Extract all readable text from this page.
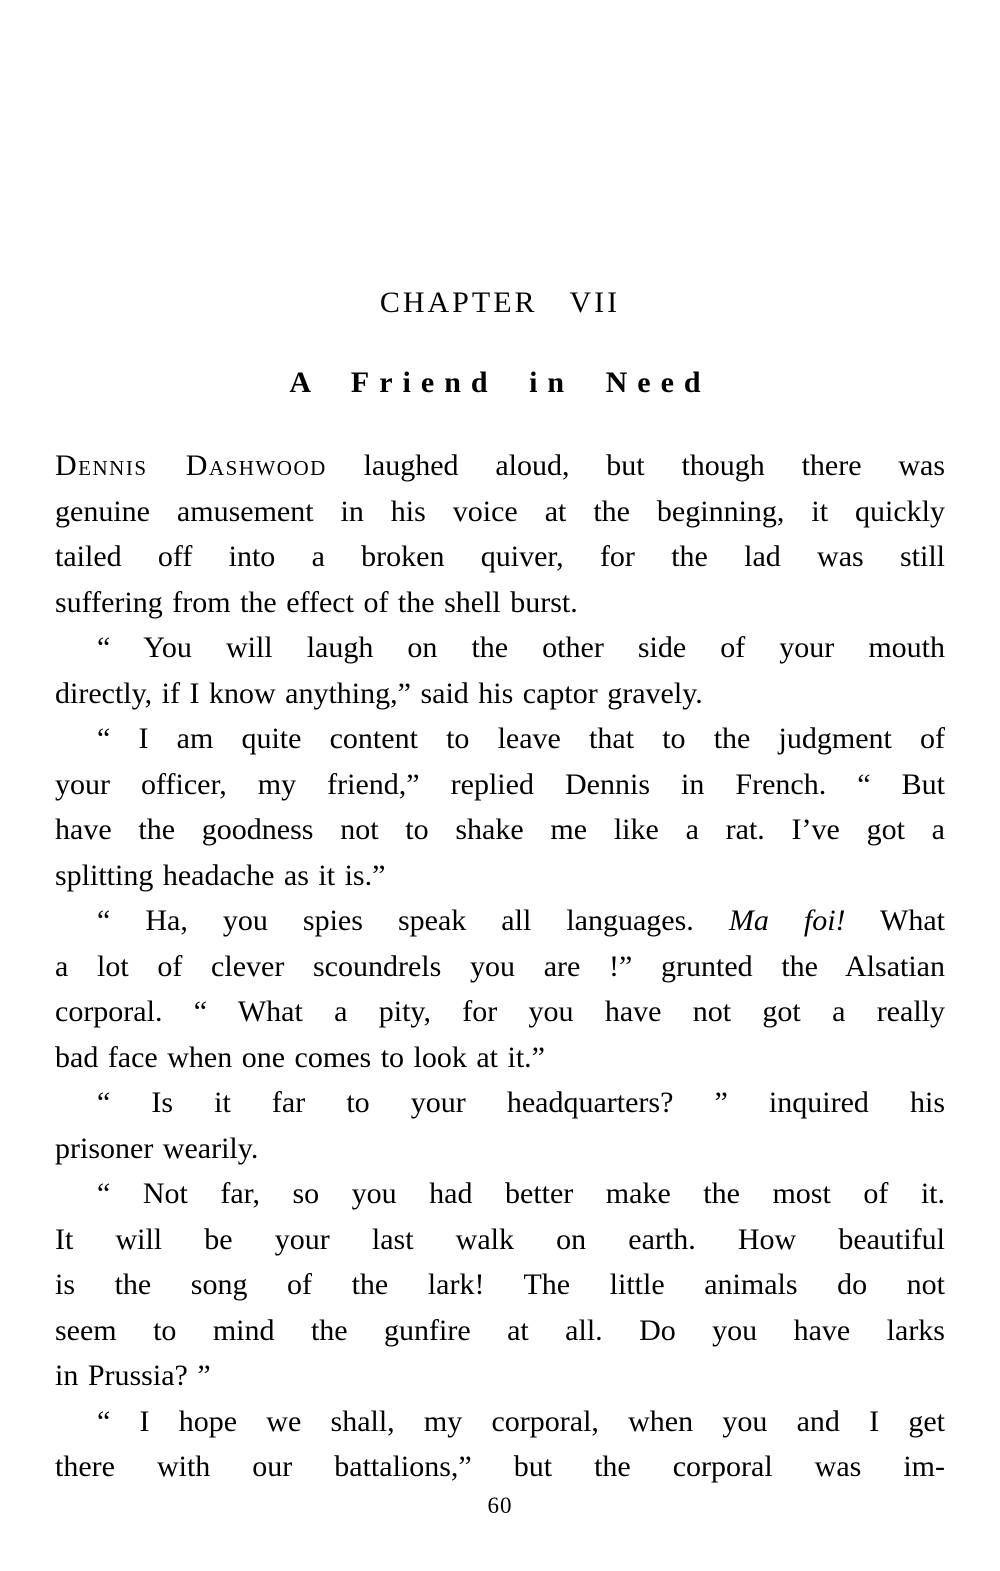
CHAPTER VII
A Friend in Need
Dennis Dashwood laughed aloud, but though there was
genuine amusement in his voice at the beginning, it quickly
tailed off into a broken quiver, for the lad was still
suffering from the effect of the shell burst.
“ You will laugh on the other side of your mouth
directly, if I know anything,” said his captor gravely.
“ I am quite content to leave that to the judgment of
your officer, my friend,” replied Dennis in French. “ But
have the goodness not to shake me like a rat. I’ve got a
splitting headache as it is.”
“ Ha, you spies speak all languages. Ma foi! What
a lot of clever scoundrels you are !” grunted the Alsatian
corporal. “ What a pity, for you have not got a really
bad face when one comes to look at it.”
“ Is it far to your headquarters? ” inquired his
prisoner wearily.
“ Not far, so you had better make the most of it.
It will be your last walk on earth. How beautiful
is the song of the lark! The little animals do not
seem to mind the gunfire at all. Do you have larks
in Prussia? ”
“ I hope we shall, my corporal, when you and I get
there with our battalions,” but the corporal was im-
60
